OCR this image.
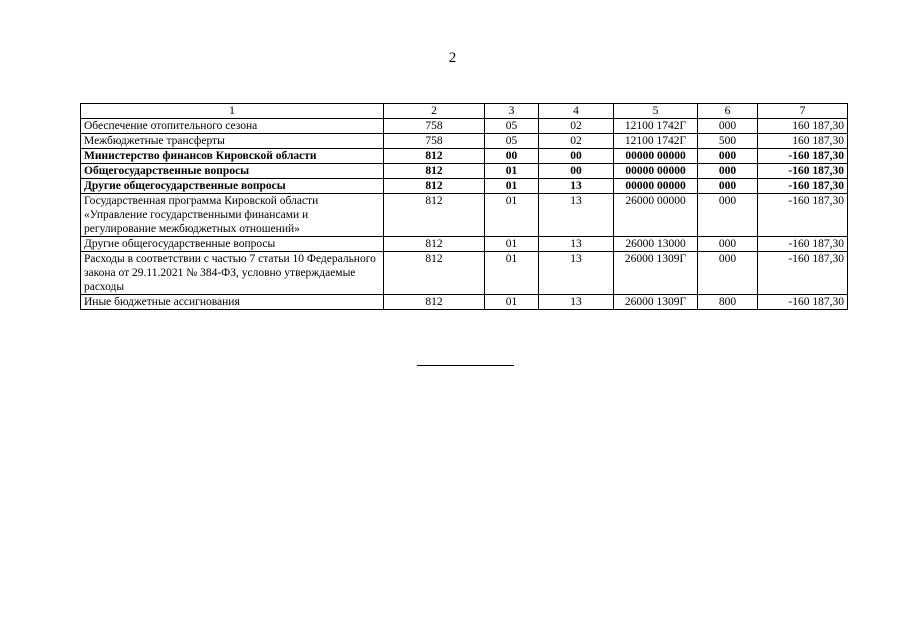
2
1	2	3	4	5	6	7
Обеспечение отопительного сезона	758	05	02	12100 1742Г	000	160 187,30
Межбюджетные трансферты	758	05	02	12100 1742Г	500	160 187,30
Министерство финансов Кировской области	812	00	00	00000 00000	000	-160 187,30
Общегосударственные вопросы	812	01	00	00000 00000	000	-160 187,30
Другие общегосударственные вопросы	812	01	13	00000 00000	000	-160 187,30
Государственная программа Кировской области «Управление государственными финансами и регулирование межбюджетных отношений»	812	01	13	26000 00000	000	-160 187,30
Другие общегосударственные вопросы	812	01	13	26000 13000	000	-160 187,30
Расходы в соответствии с частью 7 статьи 10 Федерального закона от 29.11.2021 № 384-ФЗ, условно утверждаемые расходы	812	01	13	26000 1309Г	000	-160 187,30
Иные бюджетные ассигнования	812	01	13	26000 1309Г	800	-160 187,30
